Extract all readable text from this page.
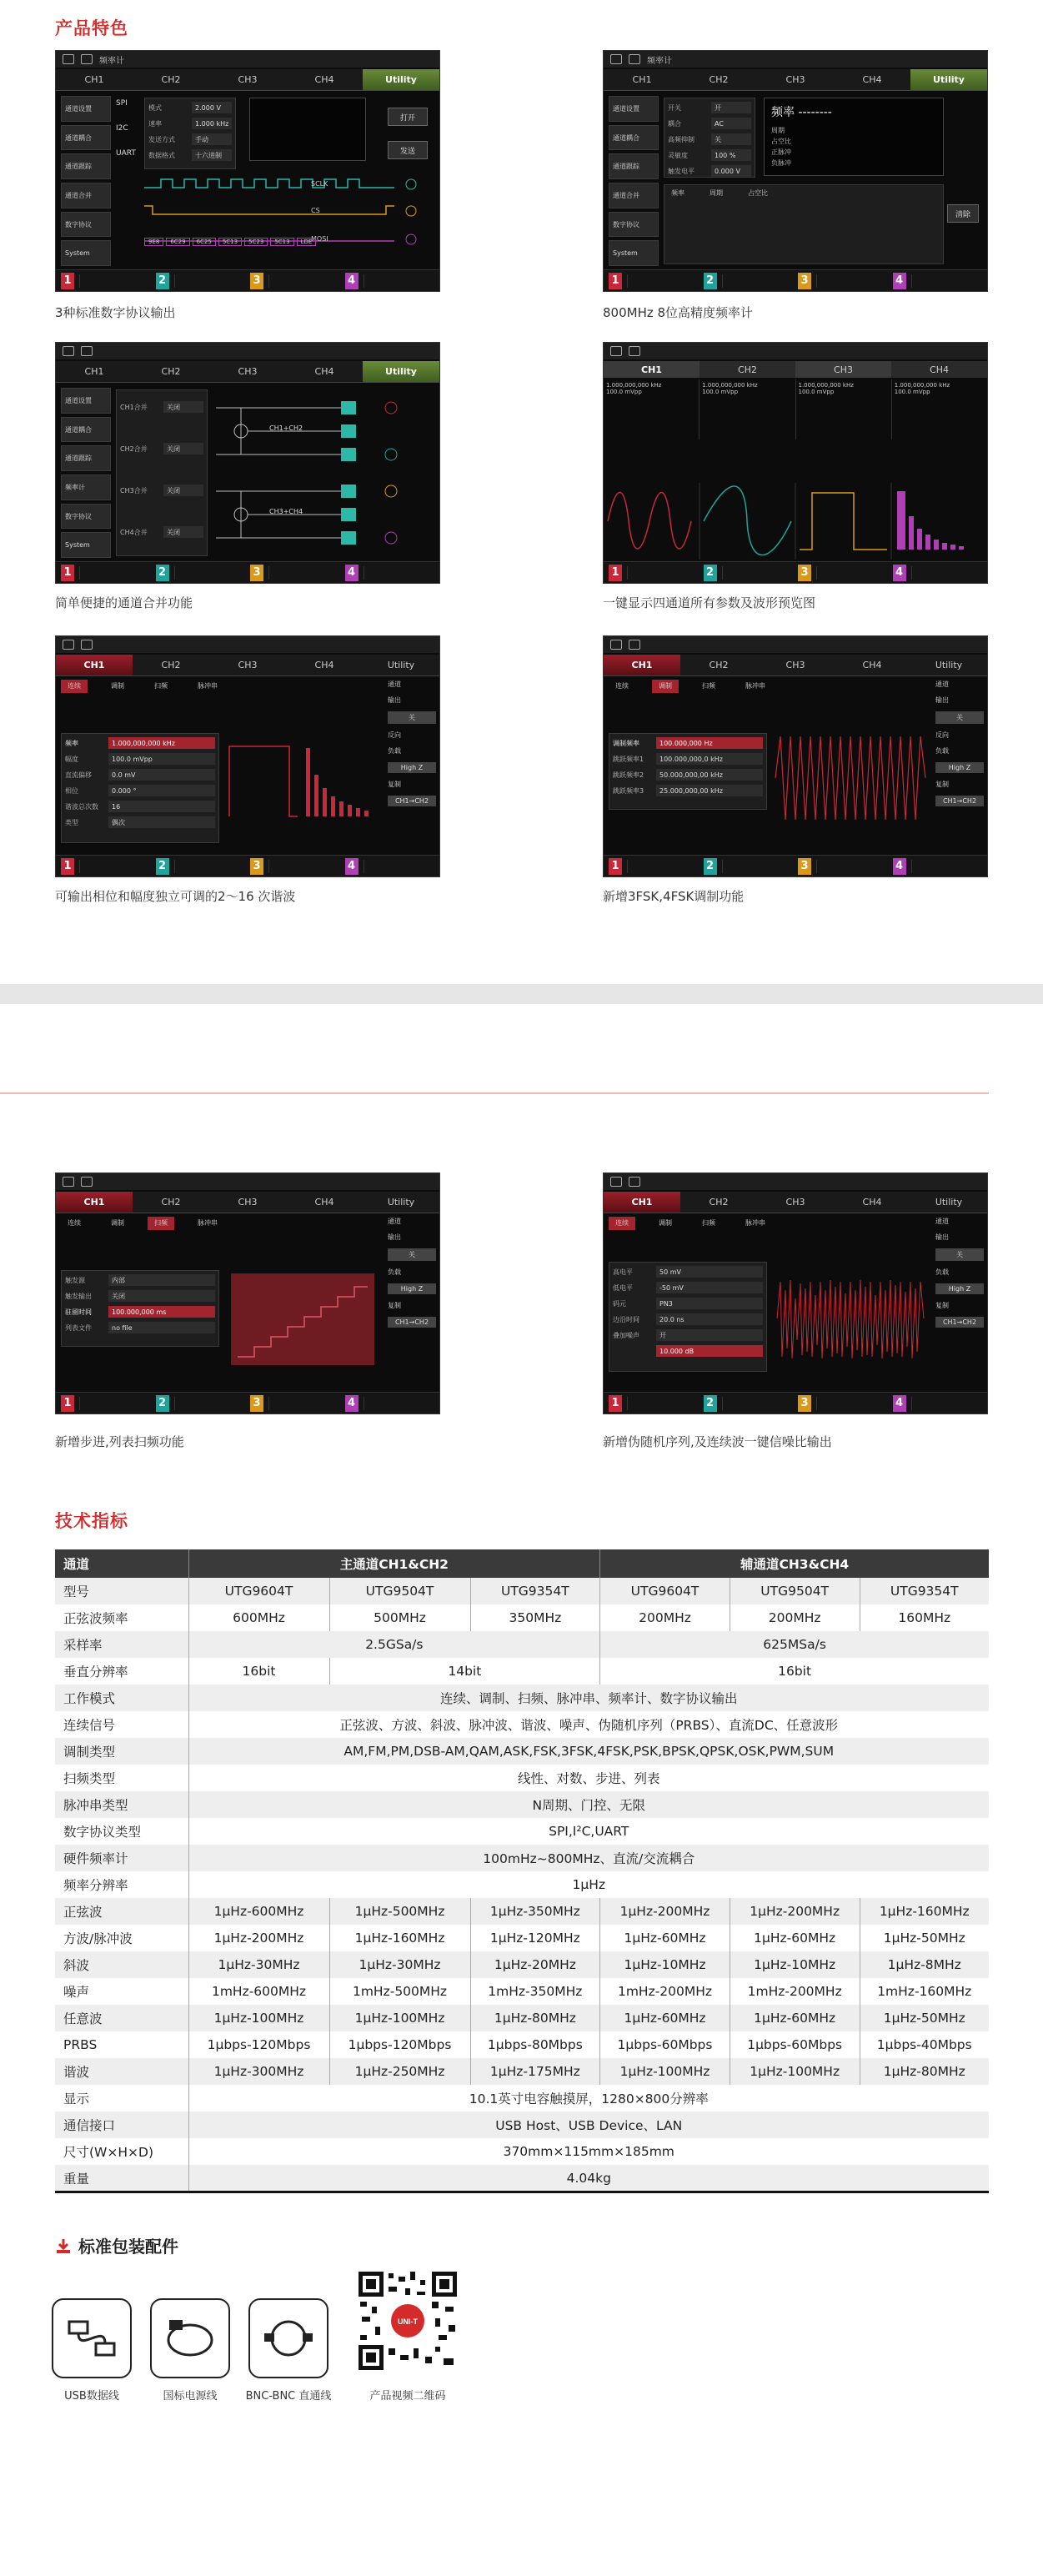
产品特色
频率计
CH1	CH2	CH3	CH4	Utility
通道设置
通道耦合
通道跟踪
通道合并
数字协议
System
SPI
I2C
UART
模式	2.000 V
速率	1.000 kHz
发送方式	手动
数据格式	十六进制
打开
发送
SCLK
CS
MOSI
9E8	6C29	6C25	5C13	5C23	5C13	LDE
1	2	3	4
3种标准数字协议输出
频率计
CH1	CH2	CH3	CH4	Utility
通道设置
通道耦合
通道跟踪
通道合并
数字协议
System
开关	开
耦合	AC
高频抑制	关
灵敏度	100 %
触发电平	0.000 V
频率 --------
周期
占空比
正脉冲
负脉冲
频率	周期	占空比
清除
1	2	3	4
800MHz 8位高精度频率计
CH1	CH2	CH3	CH4	Utility
通道设置
通道耦合
通道跟踪
频率计
数字协议
System
CH1合并	关闭
CH2合并	关闭
CH3合并	关闭
CH4合并	关闭
CH1+CH2
CH3+CH4
1	2	3	4
简单便捷的通道合并功能
CH1	CH2	CH3	CH4
1.000,000,000 kHz
100.0 mVpp
1.000,000,000 kHz
100.0 mVpp
1.000,000,000 kHz
100.0 mVpp
1.000,000,000 kHz
100.0 mVpp
1	2	3	4
一键显示四通道所有参数及波形预览图
CH1	CH2	CH3	CH4	Utility
连续	调制	扫频	脉冲串
频率	1.000,000,000 kHz
幅度	100.0 mVpp
直流偏移	0.0 mV
相位	0.000 °
谐波总次数	16
类型	偶次
通道
输出
关
反向
负载
High Z
复制
CH1→CH2
1	2	3	4
可输出相位和幅度独立可调的2～16 次谐波
CH1	CH2	CH3	CH4	Utility
连续	调制	扫频	脉冲串
调制频率	100.000,000 Hz
跳跃频率1	100.000,000,0 kHz
跳跃频率2	50.000,000,00 kHz
跳跃频率3	25.000,000,00 kHz
通道
输出
关
反向
负载
High Z
复制
CH1→CH2
1	2	3	4
新增3FSK,4FSK调制功能
CH1	CH2	CH3	CH4	Utility
连续	调制	扫频	脉冲串
触发源	内部
触发输出	关闭
驻留时间	100.000,000 ms
列表文件	no file
通道
输出
关
负载
High Z
复制
CH1→CH2
1	2	3	4
新增步进,列表扫频功能
CH1	CH2	CH3	CH4	Utility
连续	调制	扫频	脉冲串
高电平	50 mV
低电平	-50 mV
码元	PN3
边沿时间	20.0 ns
叠加噪声	开
10.000 dB
通道
输出
关
负载
High Z
复制
CH1→CH2
1	2	3	4
新增伪随机序列,及连续波一键信噪比输出
技术指标
通道	主通道CH1&CH2			辅通道CH3&CH4		
型号	UTG9604T	UTG9504T	UTG9354T	UTG9604T	UTG9504T	UTG9354T
正弦波频率	600MHz	500MHz	350MHz	200MHz	200MHz	160MHz
采样率	2.5GSa/s			625MSa/s		
垂直分辨率	16bit	14bit		16bit		
工作模式	连续、调制、扫频、脉冲串、频率计、数字协议输出					
连续信号	正弦波、方波、斜波、脉冲波、谐波、噪声、伪随机序列（PRBS）、直流DC、任意波形					
调制类型	AM,FM,PM,DSB-AM,QAM,ASK,FSK,3FSK,4FSK,PSK,BPSK,QPSK,OSK,PWM,SUM					
扫频类型	线性、对数、步进、列表					
脉冲串类型	N周期、门控、无限					
数字协议类型	SPI,I²C,UART					
硬件频率计	100mHz~800MHz、直流/交流耦合					
频率分辨率	1μHz					
正弦波	1μHz-600MHz	1μHz-500MHz	1μHz-350MHz	1μHz-200MHz	1μHz-200MHz	1μHz-160MHz
方波/脉冲波	1μHz-200MHz	1μHz-160MHz	1μHz-120MHz	1μHz-60MHz	1μHz-60MHz	1μHz-50MHz
斜波	1μHz-30MHz	1μHz-30MHz	1μHz-20MHz	1μHz-10MHz	1μHz-10MHz	1μHz-8MHz
噪声	1mHz-600MHz	1mHz-500MHz	1mHz-350MHz	1mHz-200MHz	1mHz-200MHz	1mHz-160MHz
任意波	1μHz-100MHz	1μHz-100MHz	1μHz-80MHz	1μHz-60MHz	1μHz-60MHz	1μHz-50MHz
PRBS	1μbps-120Mbps	1μbps-120Mbps	1μbps-80Mbps	1μbps-60Mbps	1μbps-60Mbps	1μbps-40Mbps
谐波	1μHz-300MHz	1μHz-250MHz	1μHz-175MHz	1μHz-100MHz	1μHz-100MHz	1μHz-80MHz
显示	10.1英寸电容触摸屏，1280×800分辨率					
通信接口	USB Host、USB Device、LAN					
尺寸(W×H×D)	370mm×115mm×185mm					
重量	4.04kg					
标准包装配件
USB数据线	国标电源线	BNC-BNC 直通线
UNI-T
产品视频二维码
